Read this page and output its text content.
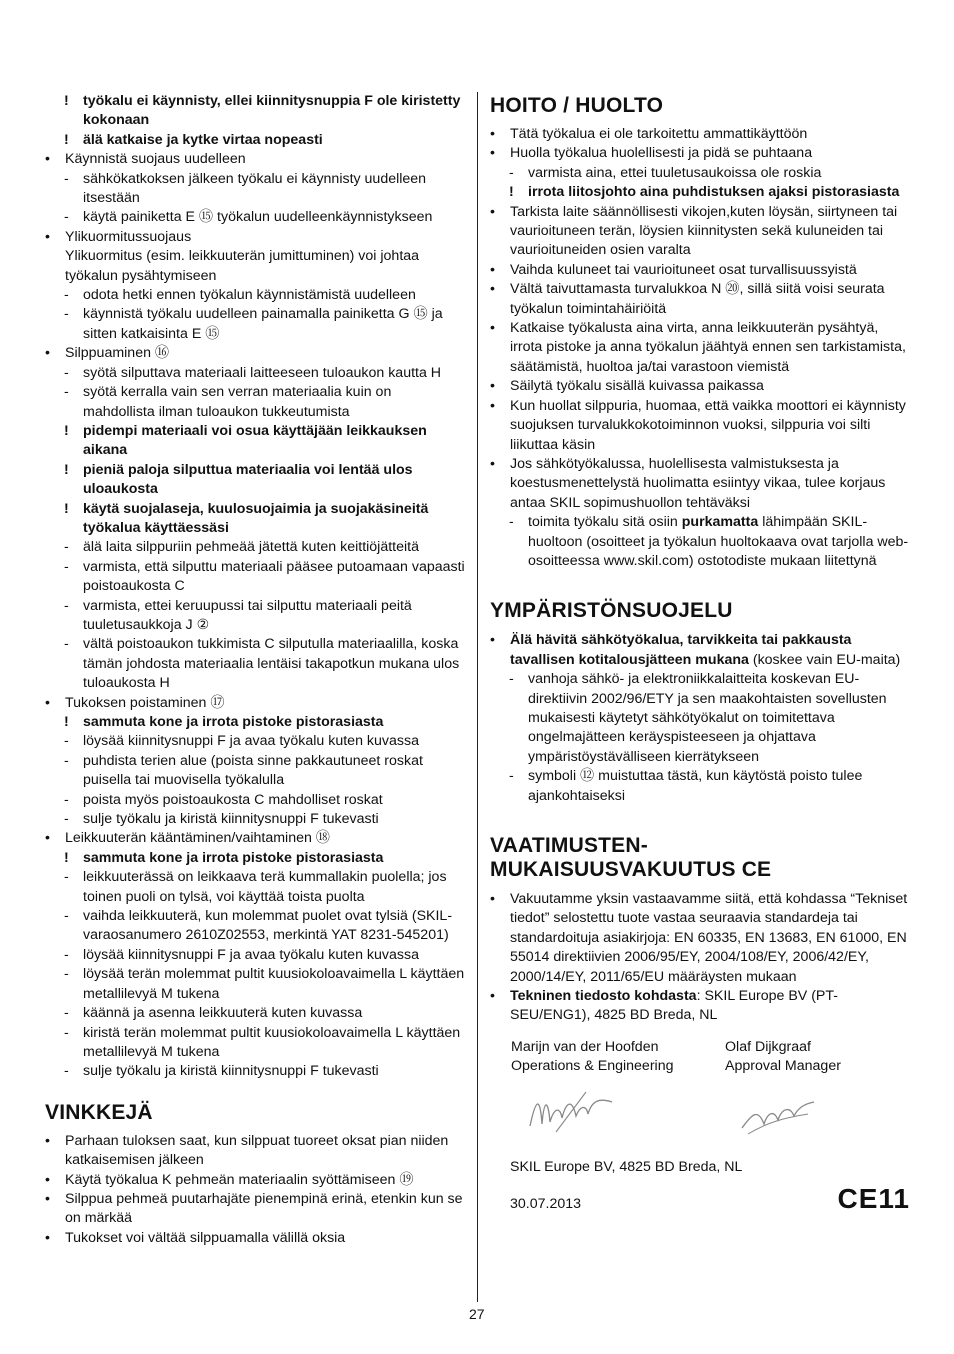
! työkalu ei käynnisty, ellei kiinnitysnuppia F ole kiristetty kokonaan
! älä katkaise ja kytke virtaa nopeasti
• Käynnistä suojaus uudelleen
- sähkökatkoksen jälkeen työkalu ei käynnisty uudelleen itsestään
- käytä painiketta E ⑮ työkalun uudelleenkäynnistykseen
• Ylikuormitussuojaus
Ylikuormitus (esim. leikkuuterän jumittuminen) voi johtaa työkalun pysähtymiseen
- odota hetki ennen työkalun käynnistämistä uudelleen
- käynnistä työkalu uudelleen painamalla painiketta G ⑮ ja sitten katkaisinta E ⑮
• Silppuaminen ⑯
- syötä silputtava materiaali laitteeseen tuloaukon kautta H
- syötä kerralla vain sen verran materiaalia kuin on mahdollista ilman tuloaukon tukkeutumista
! pidempi materiaali voi osua käyttäjään leikkauksen aikana
! pieniä paloja silputtua materiaalia voi lentää ulos uloaukosta
! käytä suojalaseja, kuulosuojaimia ja suojakäsineitä työkalua käyttäessäsi
- älä laita silppuriin pehmeää jätettä kuten keittiöjätteitä
- varmista, että silputtu materiaali pääsee putoamaan vapaasti poistoaukosta C
- varmista, ettei keruupussi tai silputtu materiaali peitä tuuletusaukkoja J ②
- vältä poistoaukon tukkimista C silputulla materiaalilla, koska tämän johdosta materiaalia lentäisi takapotkun mukana ulos tuloaukosta H
• Tukoksen poistaminen ⑰
! sammuta kone ja irrota pistoke pistorasiasta
- löysää kiinnitysnuppi F ja avaa työkalu kuten kuvassa
- puhdista terien alue (poista sinne pakkautuneet roskat puisella tai muovisella työkalulla
- poista myös poistoaukosta C mahdolliset roskat
- sulje työkalu ja kiristä kiinnitysnuppi F tukevasti
• Leikkuuterän kääntäminen/vaihtaminen ⑱
! sammuta kone ja irrota pistoke pistorasiasta
- leikkuuterässä on leikkaava terä kummallakin puolella; jos toinen puoli on tylsä, voi käyttää toista puolta
- vaihda leikkuuterä, kun molemmat puolet ovat tylsiä (SKIL-varaosanumero 2610Z02553, merkintä YAT 8231-545201)
- löysää kiinnitysnuppi F ja avaa työkalu kuten kuvassa
- löysää terän molemmat pultit kuusiokoloavaimella L käyttäen metallilevyä M tukena
- käännä ja asenna leikkuuterä kuten kuvassa
- kiristä terän molemmat pultit kuusiokoloavaimella L käyttäen metallilevyä M tukena
- sulje työkalu ja kiristä kiinnitysnuppi F tukevasti
VINKKEJÄ
• Parhaan tuloksen saat, kun silppuat tuoreet oksat pian niiden katkaisemisen jälkeen
• Käytä työkalua K pehmeän materiaalin syöttämiseen ⑲
• Silppua pehmeä puutarhajäte pienempinä erinä, etenkin kun se on märkää
• Tukokset voi vältää silppuamalla välillä oksia
HOITO / HUOLTO
• Tätä työkalua ei ole tarkoitettu ammattikäyttöön
• Huolla työkalua huolellisesti ja pidä se puhtaana
- varmista aina, ettei tuuletusaukoissa ole roskia
! irrota liitosjohto aina puhdistuksen ajaksi pistorasiasta
• Tarkista laite säännöllisesti vikojen,kuten löysän, siirtyneen tai vaurioituneen terän, löysien kiinnitysten sekä kuluneiden tai vaurioituneiden osien varalta
• Vaihda kuluneet tai vaurioituneet osat turvallisuussyistä
• Vältä taivuttamasta turvalukkoa N ⑳, sillä siitä voisi seurata työkalun toimintahäiriöitä
• Katkaise työkalusta aina virta, anna leikkuuterän pysähtyä, irrota pistoke ja anna työkalun jäähtyä ennen sen tarkistamista, säätämistä, huoltoa ja/tai varastoon viemistä
• Säilytä työkalu sisällä kuivassa paikassa
• Kun huollat silppuria, huomaa, että vaikka moottori ei käynnisty suojuksen turvalukkokotoiminnon vuoksi, silppuria voi silti liikuttaa käsin
• Jos sähkötyökalussa, huolellisesta valmistuksesta ja koestusmenettelystä huolimatta esiintyy vikaa, tulee korjaus antaa SKIL sopimushuollon tehtäväksi
- toimita työkalu sitä osiin purkamatta lähimpään SKIL-huoltoon (osoitteet ja työkalun huoltokaava ovat tarjolla web-osoitteessa www.skil.com) ostotodiste mukaan liitettynä
YMPÄRISTÖNSUOJELU
• Älä hävitä sähkötyökalua, tarvikkeita tai pakkausta tavallisen kotitalousjätteen mukana (koskee vain EU-maita)
- vanhoja sähkö- ja elektroniikkalaitteita koskevan EU-direktiivin 2002/96/ETY ja sen maakohtaisten sovellusten mukaisesti käytetyt sähkötyökalut on toimitettava ongelmajätteen keräyspisteeseen ja ohjattava ympäristöystävälliseen kierrätykseen
- symboli ⑫ muistuttaa tästä, kun käytöstä poisto tulee ajankohtaiseksi
VAATIMUSTEN-
MUKAISUUSVAKUUTUS CE
• Vakuutamme yksin vastaavamme siitä, että kohdassa “Tekniset tiedot” selostettu tuote vastaa seuraavia standardeja tai standardoituja asiakirjoja: EN 60335, EN 13683, EN 61000, EN 55014 direktiivien 2006/95/EY, 2004/108/EY, 2006/42/EY, 2000/14/EY, 2011/65/EU määräysten mukaan
• Tekninen tiedosto kohdasta: SKIL Europe BV (PT-SEU/ENG1), 4825 BD Breda, NL
Marijn van der Hoofden
Operations & Engineering
Olaf Dijkgraaf
Approval Manager
SKIL Europe BV, 4825 BD Breda, NL
30.07.2013	CE11
27
